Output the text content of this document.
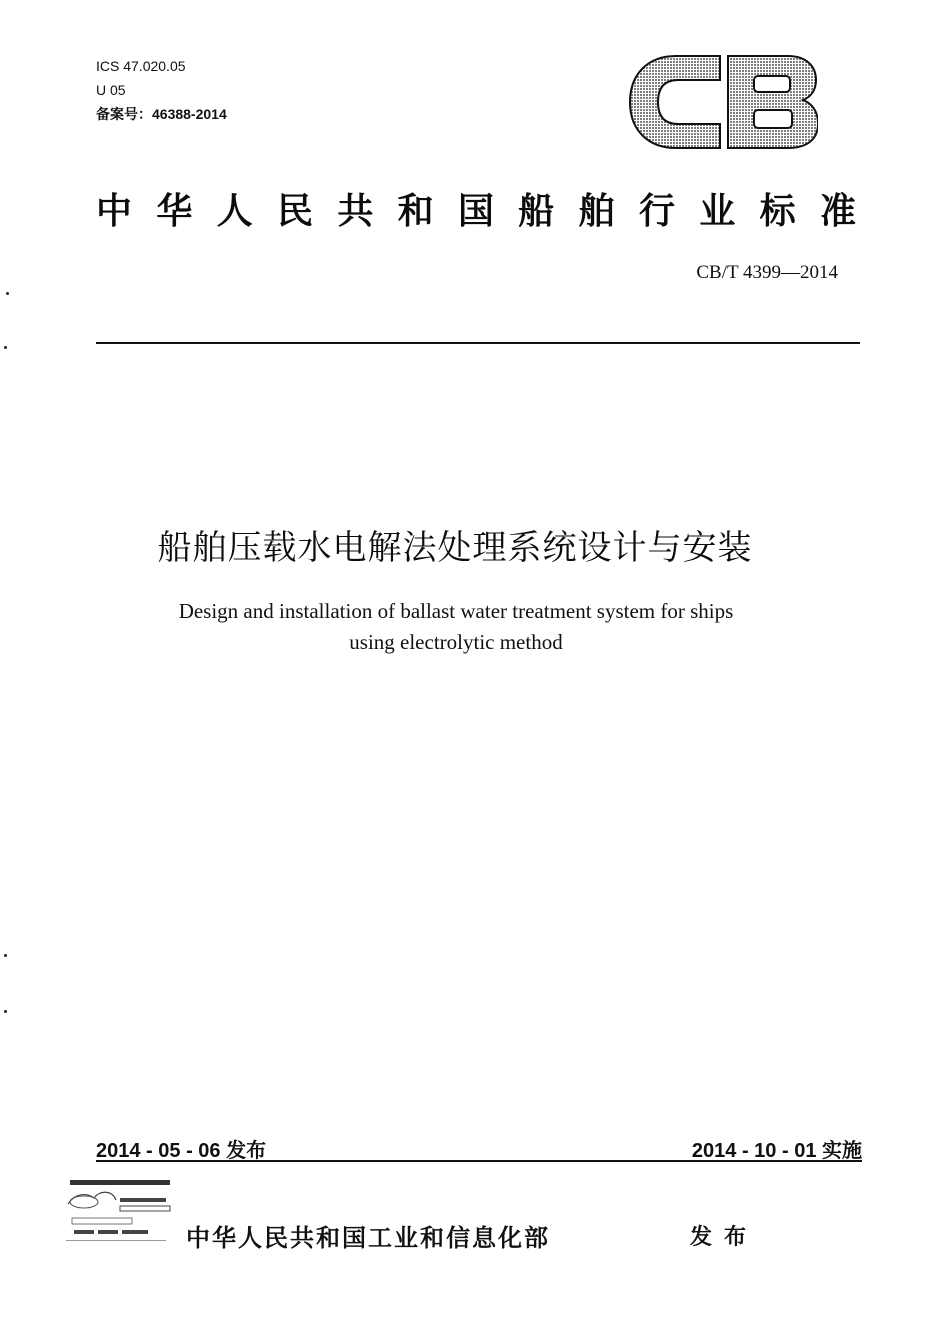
ICS 47.020.05
U 05
备案号：46388-2014
中 华 人 民 共 和 国 船 舶 行 业 标 准
CB/T 4399—2014
船舶压载水电解法处理系统设计与安装
Design and installation of ballast water treatment system for ships
using electrolytic method
2014 - 05 - 06 发布	2014 - 10 - 01 实施
中华人民共和国工业和信息化部	发布
